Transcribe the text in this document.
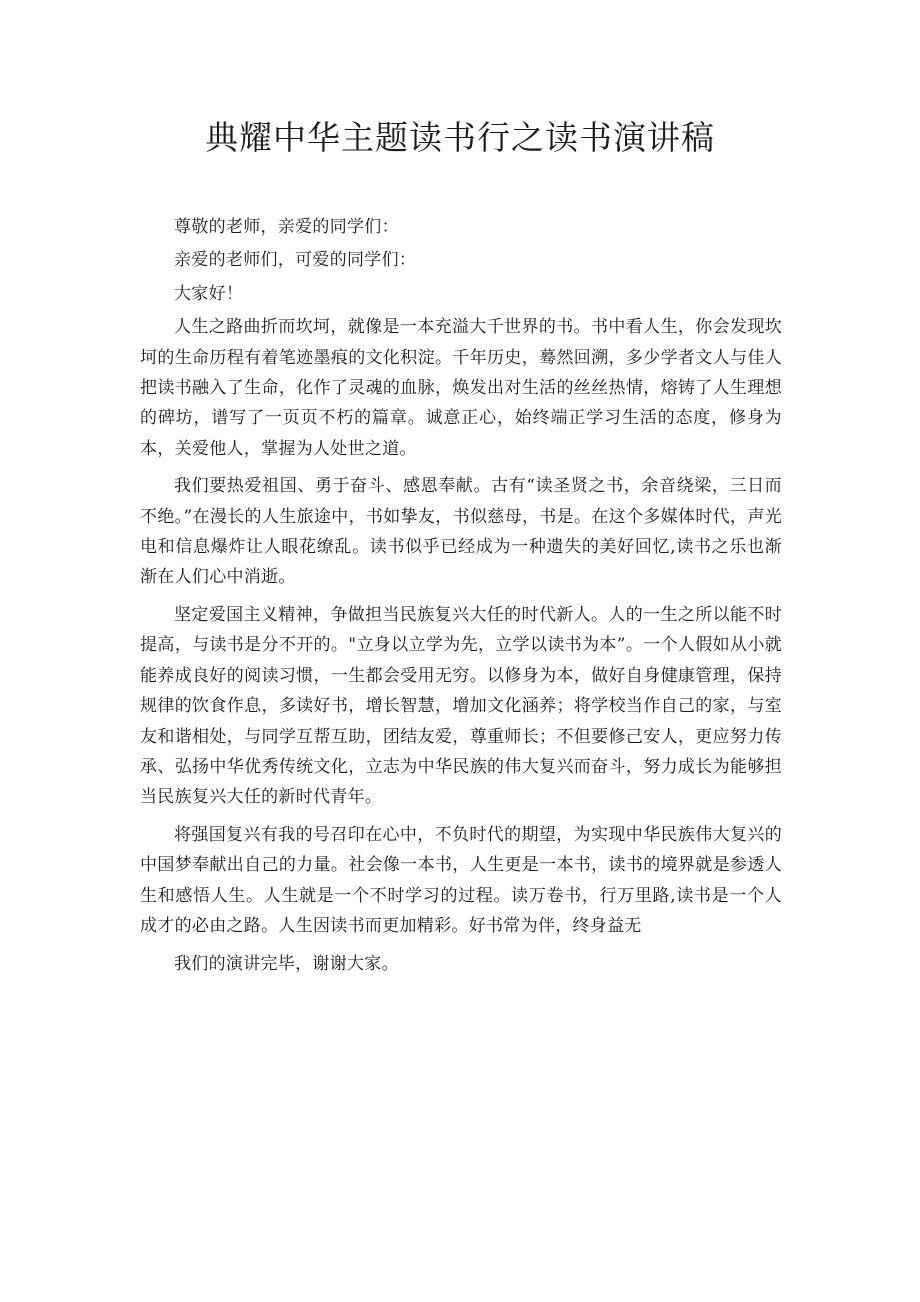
典耀中华主题读书行之读书演讲稿

尊敬的老师，亲爱的同学们：

亲爱的老师们，可爱的同学们：

大家好！

人生之路曲折而坎坷，就像是一本充溢大千世界的书。书中看人生，你会发现坎坷的生命历程有着笔迹墨痕的文化积淀。千年历史，蓦然回溯，多少学者文人与佳人把读书融入了生命，化作了灵魂的血脉，焕发出对生活的丝丝热情，熔铸了人生理想的碑坊，谱写了一页页不朽的篇章。诚意正心，始终端正学习生活的态度，修身为本，关爱他人，掌握为人处世之道。

我们要热爱祖国、勇于奋斗、感恩奉献。古有“读圣贤之书，余音绕梁，三日而不绝。”在漫长的人生旅途中，书如挚友，书似慈母，书是。在这个多媒体时代，声光电和信息爆炸让人眼花缭乱。读书似乎已经成为一种遗失的美好回忆,读书之乐也渐渐在人们心中消逝。

坚定爱国主义精神，争做担当民族复兴大任的时代新人。人的一生之所以能不时提高，与读书是分不开的。"立身以立学为先，立学以读书为本”。一个人假如从小就能养成良好的阅读习惯，一生都会受用无穷。以修身为本，做好自身健康管理，保持规律的饮食作息，多读好书，增长智慧，增加文化涵养；将学校当作自己的家，与室友和谐相处，与同学互帮互助，团结友爱，尊重师长；不但要修己安人，更应努力传承、弘扬中华优秀传统文化，立志为中华民族的伟大复兴而奋斗，努力成长为能够担当民族复兴大任的新时代青年。

将强国复兴有我的号召印在心中，不负时代的期望，为实现中华民族伟大复兴的中国梦奉献出自己的力量。社会像一本书，人生更是一本书，读书的境界就是参透人生和感悟人生。人生就是一个不时学习的过程。读万卷书，行万里路,读书是一个人成才的必由之路。人生因读书而更加精彩。好书常为伴，终身益无

我们的演讲完毕，谢谢大家。
